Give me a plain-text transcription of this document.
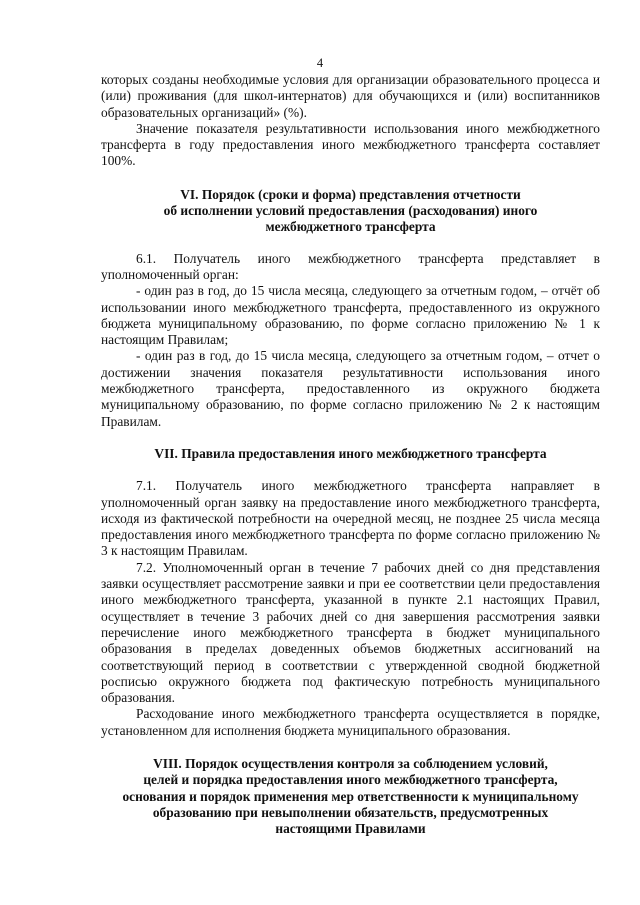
4

которых созданы необходимые условия для организации образовательного процесса и (или) проживания (для школ-интернатов) для обучающихся и (или) воспитанников образовательных организаций» (%).

Значение показателя результативности использования иного межбюджетного трансферта в году предоставления иного межбюджетного трансферта составляет 100%.

VI. Порядок (сроки и форма) представления отчетности
об исполнении условий предоставления (расходования) иного
межбюджетного трансферта

6.1. Получатель иного межбюджетного трансферта представляет в уполномоченный орган:

- один раз в год, до 15 числа месяца, следующего за отчетным годом, – отчёт об использовании иного межбюджетного трансферта, предоставленного из окружного бюджета муниципальному образованию, по форме согласно приложению № 1 к настоящим Правилам;

- один раз в год, до 15 числа месяца, следующего за отчетным годом, – отчет о достижении значения показателя результативности использования иного межбюджетного трансферта, предоставленного из окружного бюджета муниципальному образованию, по форме согласно приложению № 2 к настоящим Правилам.

VII. Правила предоставления иного межбюджетного трансферта

7.1. Получатель иного межбюджетного трансферта направляет в уполномоченный орган заявку на предоставление иного межбюджетного трансферта, исходя из фактической потребности на очередной месяц, не позднее 25 числа месяца предоставления иного межбюджетного трансферта по форме согласно приложению № 3 к настоящим Правилам.

7.2. Уполномоченный орган в течение 7 рабочих дней со дня представления заявки осуществляет рассмотрение заявки и при ее соответствии цели предоставления иного межбюджетного трансферта, указанной в пункте 2.1 настоящих Правил, осуществляет в течение 3 рабочих дней со дня завершения рассмотрения заявки перечисление иного межбюджетного трансферта в бюджет муниципального образования в пределах доведенных объемов бюджетных ассигнований на соответствующий период в соответствии с утвержденной сводной бюджетной росписью окружного бюджета под фактическую потребность муниципального образования.

Расходование иного межбюджетного трансферта осуществляется в порядке, установленном для исполнения бюджета муниципального образования.

VIII. Порядок осуществления контроля за соблюдением условий,
целей и порядка предоставления иного межбюджетного трансферта,
основания и порядок применения мер ответственности к муниципальному
образованию при невыполнении обязательств, предусмотренных
настоящими Правилами
